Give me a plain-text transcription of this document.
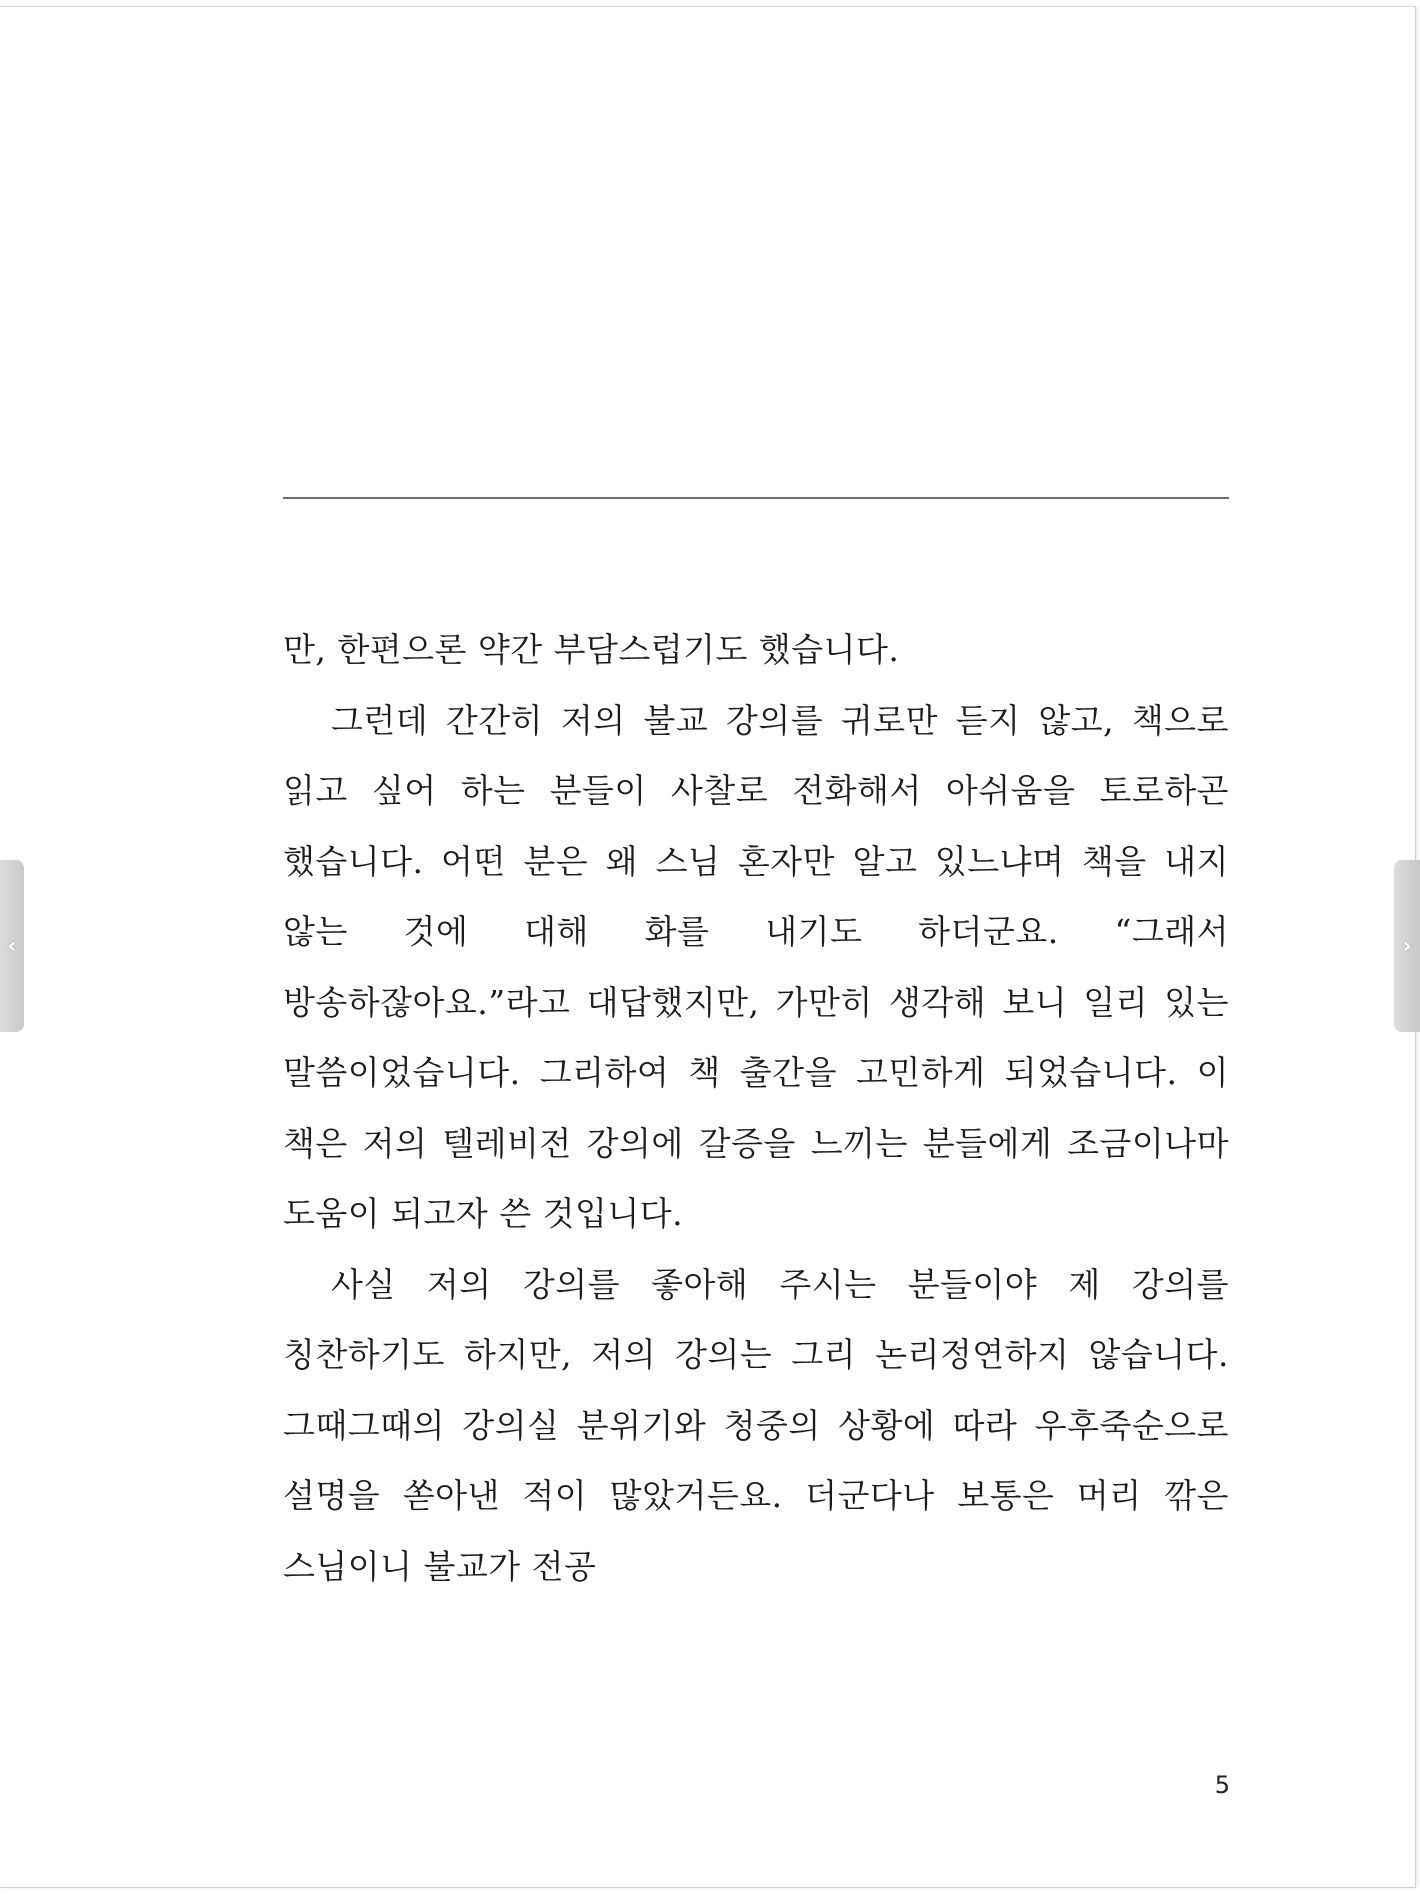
만, 한편으론 약간 부담스럽기도 했습니다.

그런데 간간히 저의 불교 강의를 귀로만 듣지 않고, 책으로 읽고 싶어 하는 분들이 사찰로 전화해서 아쉬움을 토로하곤 했습니다. 어떤 분은 왜 스님 혼자만 알고 있느냐며 책을 내지 않는 것에 대해 화를 내기도 하더군요. “그래서 방송하잖아요.”라고 대답했지만, 가만히 생각해 보니 일리 있는 말씀이었습니다. 그리하여 책 출간을 고민하게 되었습니다. 이 책은 저의 텔레비전 강의에 갈증을 느끼는 분들에게 조금이나마 도움이 되고자 쓴 것입니다.

사실 저의 강의를 좋아해 주시는 분들이야 제 강의를 칭찬하기도 하지만, 저의 강의는 그리 논리정연하지 않습니다. 그때그때의 강의실 분위기와 청중의 상황에 따라 우후죽순으로 설명을 쏟아낸 적이 많았거든요. 더군다나 보통은 머리 깎은 스님이니 불교가 전공

5
‹	›
